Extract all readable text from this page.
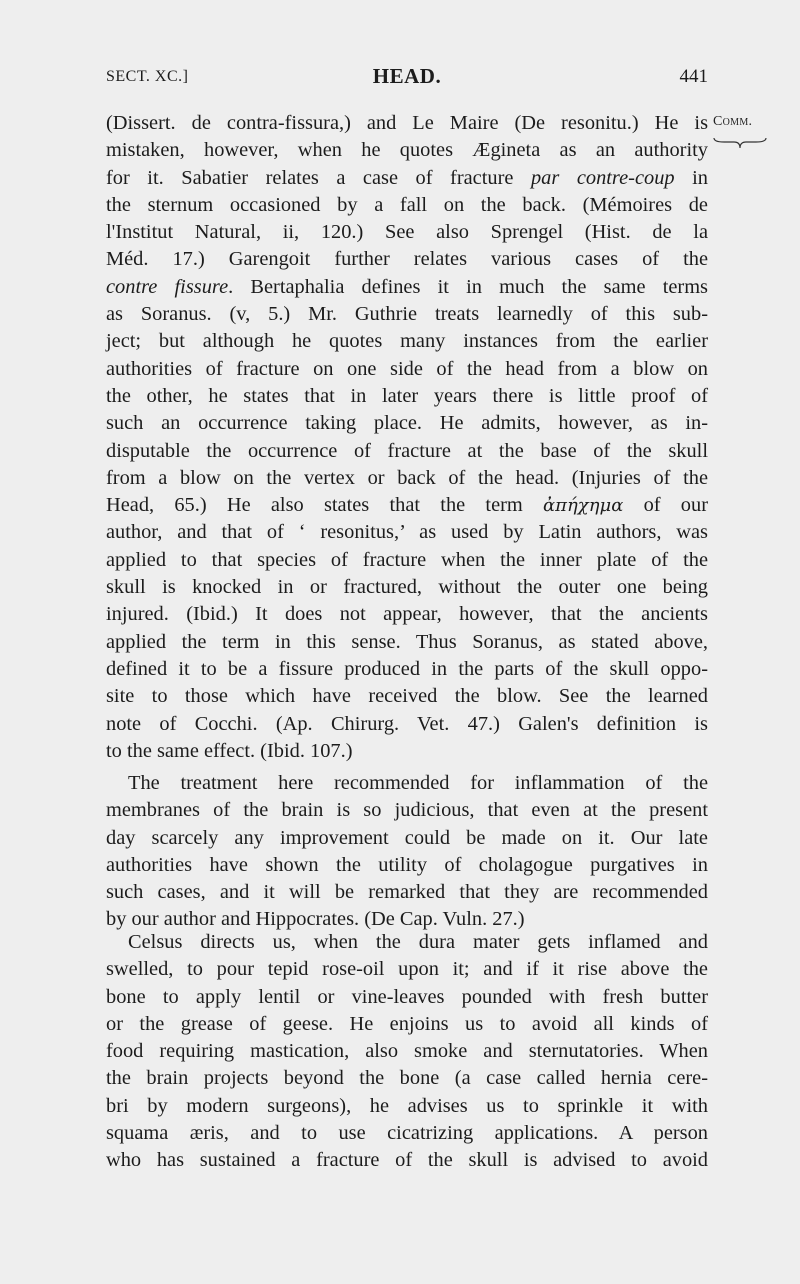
SECT. XC.]	HEAD.	441
Comm.
(Dissert. de contra-fissura,) and Le Maire (De resonitu.) He is
mistaken, however, when he quotes Ægineta as an authority
for it. Sabatier relates a case of fracture par contre-coup in
the sternum occasioned by a fall on the back. (Mémoires de
l'Institut Natural, ii, 120.) See also Sprengel (Hist. de la
Méd. 17.) Garengoit further relates various cases of the
contre fissure. Bertaphalia defines it in much the same terms
as Soranus. (v, 5.) Mr. Guthrie treats learnedly of this sub-
ject; but although he quotes many instances from the earlier
authorities of fracture on one side of the head from a blow on
the other, he states that in later years there is little proof of
such an occurrence taking place. He admits, however, as in-
disputable the occurrence of fracture at the base of the skull
from a blow on the vertex or back of the head. (Injuries of the
Head, 65.) He also states that the term ἀπήχημα of our
author, and that of ‘ resonitus,’ as used by Latin authors, was
applied to that species of fracture when the inner plate of the
skull is knocked in or fractured, without the outer one being
injured. (Ibid.) It does not appear, however, that the ancients
applied the term in this sense. Thus Soranus, as stated above,
defined it to be a fissure produced in the parts of the skull oppo-
site to those which have received the blow. See the learned
note of Cocchi. (Ap. Chirurg. Vet. 47.) Galen's definition is
to the same effect. (Ibid. 107.)
The treatment here recommended for inflammation of the
membranes of the brain is so judicious, that even at the present
day scarcely any improvement could be made on it. Our late
authorities have shown the utility of cholagogue purgatives in
such cases, and it will be remarked that they are recommended
by our author and Hippocrates. (De Cap. Vuln. 27.)
Celsus directs us, when the dura mater gets inflamed and
swelled, to pour tepid rose-oil upon it; and if it rise above the
bone to apply lentil or vine-leaves pounded with fresh butter
or the grease of geese. He enjoins us to avoid all kinds of
food requiring mastication, also smoke and sternutatories. When
the brain projects beyond the bone (a case called hernia cere-
bri by modern surgeons), he advises us to sprinkle it with
squama æris, and to use cicatrizing applications. A person
who has sustained a fracture of the skull is advised to avoid
